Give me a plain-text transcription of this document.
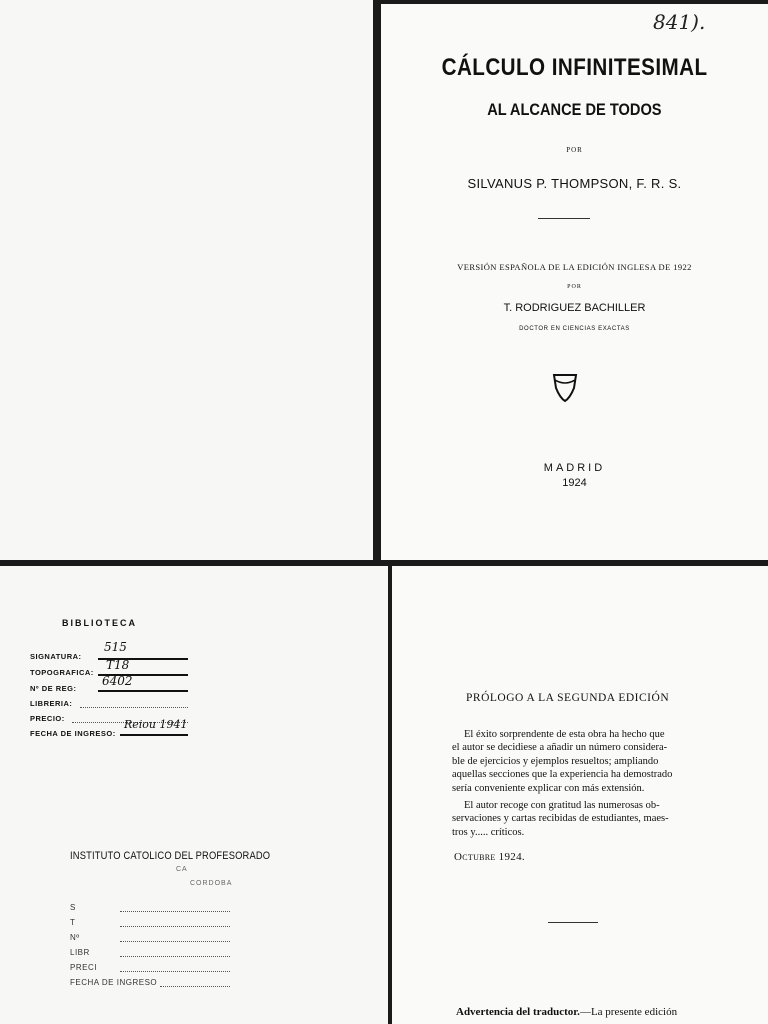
841).
CÁLCULO INFINITESIMAL
AL ALCANCE DE TODOS
POR
SILVANUS P. THOMPSON, F. R. S.
VERSIÓN ESPAÑOLA DE LA EDICIÓN INGLESA DE 1922
POR
T. RODRIGUEZ BACHILLER
DOCTOR EN CIENCIAS EXACTAS
MADRID
1924
BIBLIOTECA
SIGNATURA:
515
TOPOGRAFICA:
T18
Nº DE REG:
6402
LIBRERIA:
PRECIO:
FECHA DE INGRESO:
Reiou 1941
INSTITUTO CATOLICO DEL PROFESORADO
CA
CORDOBA
S
T
Nº
LIBR
PRECI
FECHA DE INGRESO
PRÓLOGO A LA SEGUNDA EDICIÓN
El éxito sorprendente de esta obra ha hecho que
el autor se decidiese a añadir un número considera-
ble de ejercicios y ejemplos resueltos; ampliando
aquellas secciones que la experiencia ha demostrado
sería conveniente explicar con más extensión.
El autor recoge con gratitud las numerosas ob-
servaciones y cartas recibidas de estudiantes, maes-
tros y..... críticos.
Octubre 1924.
Advertencia del traductor.—La presente edición
